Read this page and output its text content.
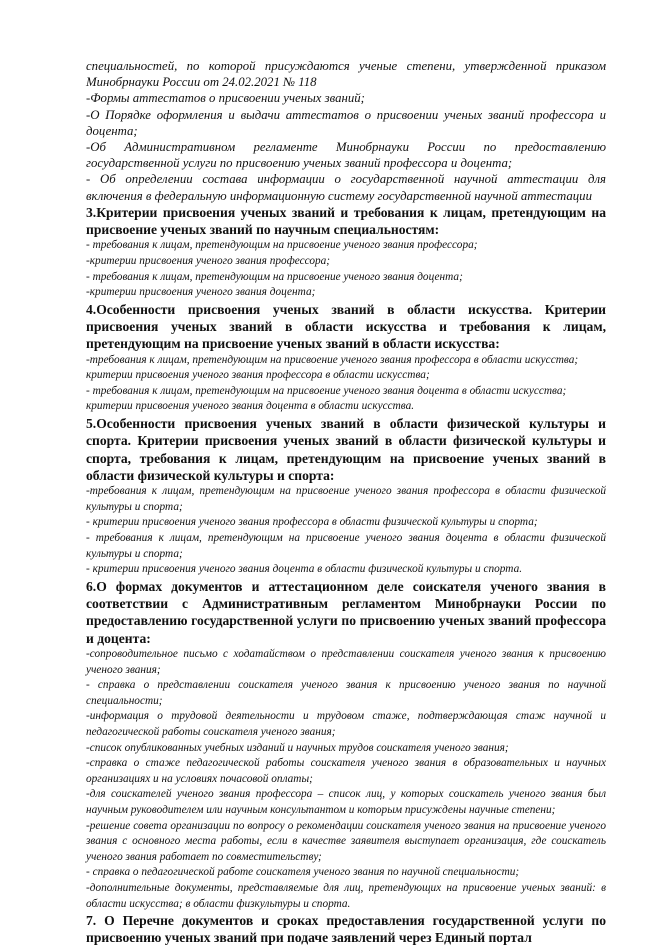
специальностей, по которой присуждаются ученые степени, утвержденной приказом Минобрнауки России от 24.02.2021 № 118

-Формы аттестатов о присвоении ученых званий;

-О Порядке оформления и выдачи аттестатов о присвоении ученых званий профессора и доцента;

-Об Административном регламенте Минобрнауки России по предоставлению государственной услуги по присвоению ученых званий профессора и доцента;

- Об определении состава информации о государственной научной аттестации для включения в федеральную информационную систему государственной научной аттестации

3.Критерии присвоения ученых званий и требования к лицам, претендующим на присвоение ученых званий по научным специальностям:

- требования к лицам, претендующим на присвоение ученого звания профессора;

-критерии присвоения ученого звания профессора;

- требования к лицам, претендующим на присвоение ученого звания доцента;

-критерии присвоения ученого звания доцента;

4.Особенности присвоения ученых званий в области искусства. Критерии присвоения ученых званий в области искусства и требования к лицам, претендующим на присвоение ученых званий в области искусства:

-требования к лицам, претендующим на присвоение ученого звания профессора в области искусства;

критерии присвоения ученого звания профессора в области искусства;

- требования к лицам, претендующим на присвоение ученого звания доцента в области искусства;

критерии присвоения ученого звания доцента в области искусства.

5.Особенности присвоения ученых званий в области физической культуры и спорта. Критерии присвоения ученых званий в области физической культуры и спорта, требования к лицам, претендующим на присвоение ученых званий в области физической культуры и спорта:

-требования к лицам, претендующим на присвоение ученого звания профессора в области физической культуры и спорта;

- критерии присвоения ученого звания профессора в области физической культуры и спорта;

- требования к лицам, претендующим на присвоение ученого звания доцента в области физической культуры и спорта;

- критерии присвоения ученого звания доцента в области физической культуры и спорта.

6.О формах документов и аттестационном деле соискателя ученого звания в соответствии с Административным регламентом Минобрнауки России по предоставлению государственной услуги по присвоению ученых званий профессора и доцента:

-сопроводительное письмо с ходатайством о представлении соискателя ученого звания к присвоению ученого звания;

- справка о представлении соискателя ученого звания к присвоению ученого звания по научной специальности;

-информация о трудовой деятельности и трудовом стаже, подтверждающая стаж научной и педагогической работы соискателя ученого звания;

-список опубликованных учебных изданий и научных трудов соискателя ученого звания;

-справка о стаже педагогической работы соискателя ученого звания в образовательных и научных организациях и на условиях почасовой оплаты;

-для соискателей ученого звания профессора – список лиц, у которых соискатель ученого звания был научным руководителем или научным консультантом и которым присуждены научные степени;

-решение совета организации по вопросу о рекомендации соискателя ученого звания на присвоение ученого звания с основного места работы, если в качестве заявителя выступает организация, где соискатель ученого звания работает по совместительству;

- справка о педагогической работе соискателя ученого звания по научной специальности;

-дополнительные документы, представляемые для лиц, претендующих на присвоение ученых званий: в области искусства; в области физкультуры и спорта.

7. О Перечне документов и сроках предоставления государственной услуги по присвоению ученых званий при подаче заявлений через Единый портал
